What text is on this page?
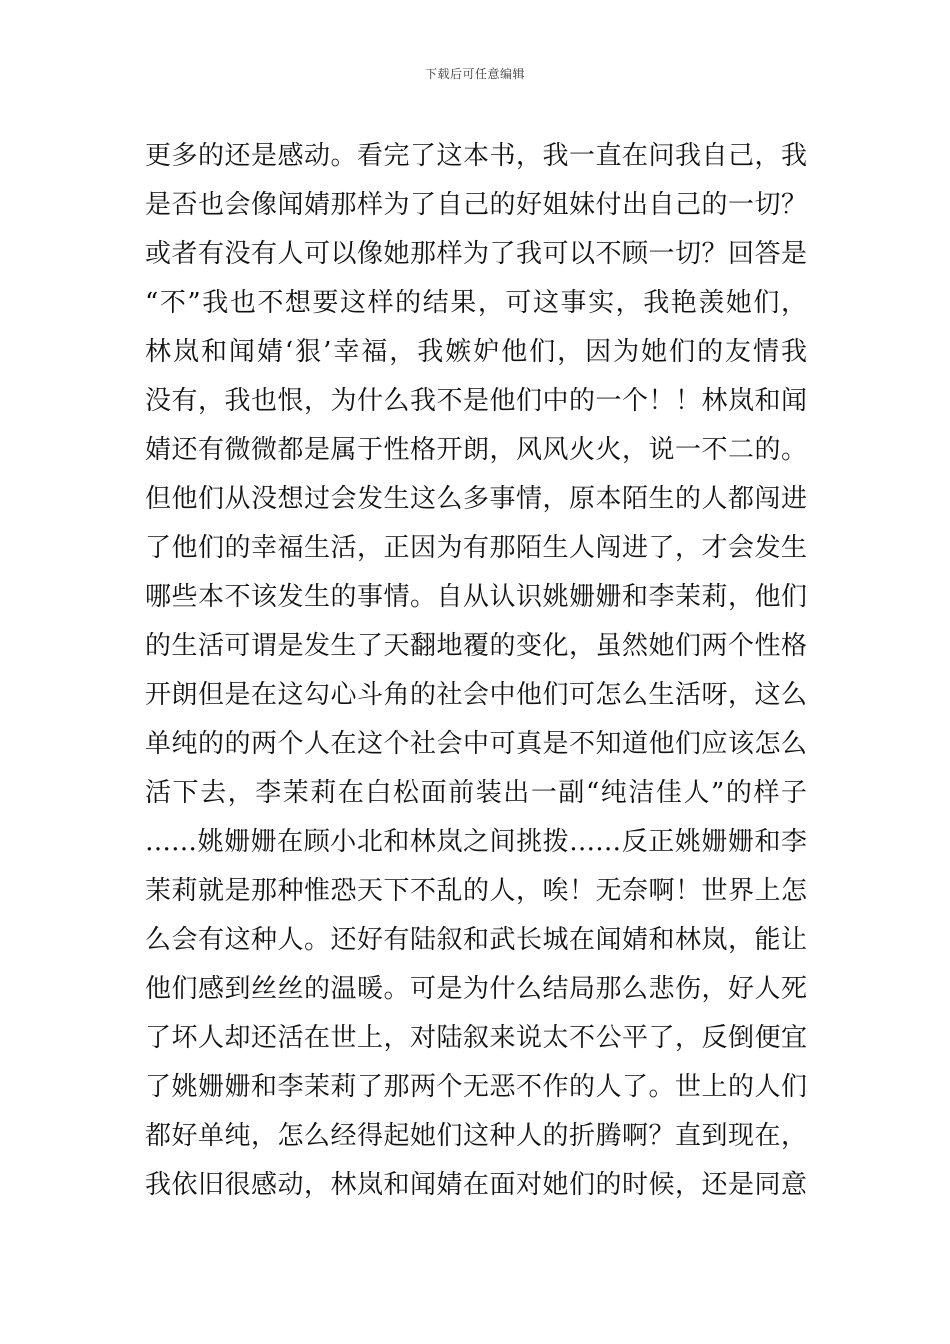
下载后可任意编辑
更多的还是感动。看完了这本书，我一直在问我自己，我
是否也会像闻婧那样为了自己的好姐妹付出自己的一切？
或者有没有人可以像她那样为了我可以不顾一切？回答是
“不”我也不想要这样的结果，可这事实，我艳羡她们，
林岚和闻婧‘狠’幸福，我嫉妒他们，因为她们的友情我
没有，我也恨，为什么我不是他们中的一个！！林岚和闻
婧还有微微都是属于性格开朗，风风火火，说一不二的。
但他们从没想过会发生这么多事情，原本陌生的人都闯进
了他们的幸福生活，正因为有那陌生人闯进了，才会发生
哪些本不该发生的事情。自从认识姚姗姗和李茉莉，他们
的生活可谓是发生了天翻地覆的变化，虽然她们两个性格
开朗但是在这勾心斗角的社会中他们可怎么生活呀，这么
单纯的的两个人在这个社会中可真是不知道他们应该怎么
活下去，李茉莉在白松面前装出一副“纯洁佳人”的样子
……姚姗姗在顾小北和林岚之间挑拨……反正姚姗姗和李
茉莉就是那种惟恐天下不乱的人，唉！无奈啊！世界上怎
么会有这种人。还好有陆叙和武长城在闻婧和林岚，能让
他们感到丝丝的温暖。可是为什么结局那么悲伤，好人死
了坏人却还活在世上，对陆叙来说太不公平了，反倒便宜
了姚姗姗和李茉莉了那两个无恶不作的人了。世上的人们
都好单纯，怎么经得起她们这种人的折腾啊？直到现在，
我依旧很感动，林岚和闻婧在面对她们的时候，还是同意
